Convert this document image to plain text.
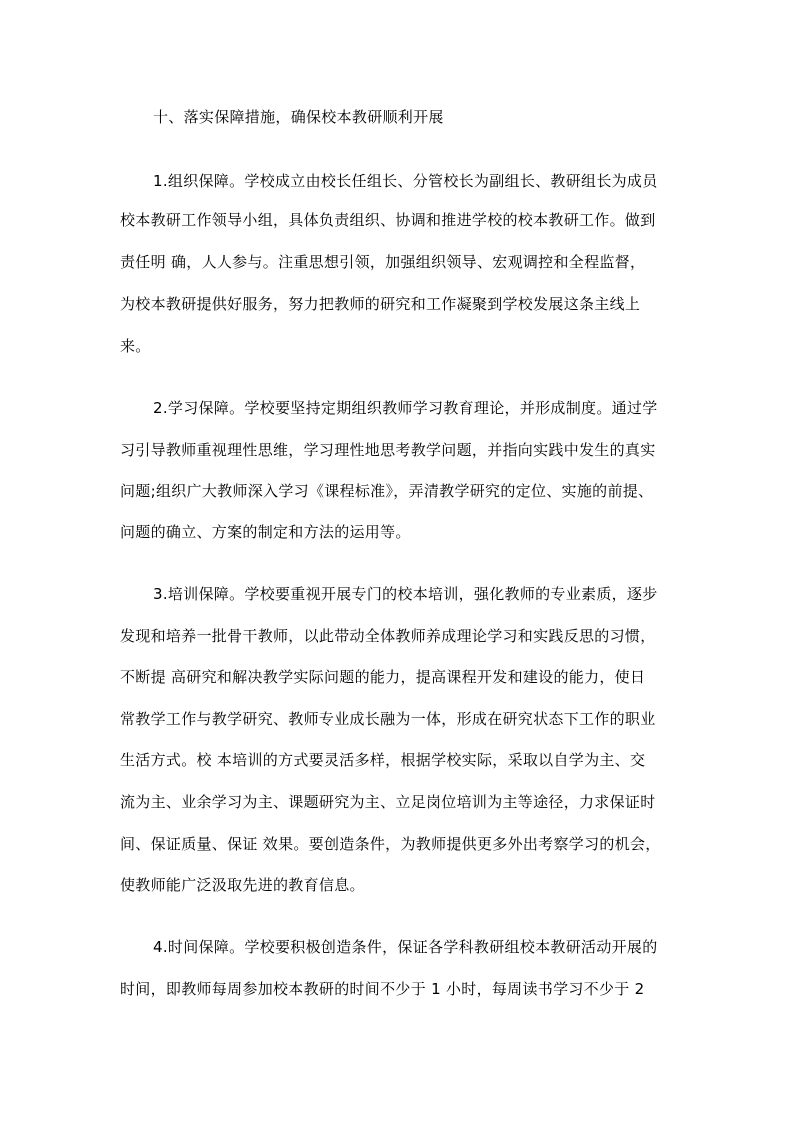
十、落实保障措施，确保校本教研顺利开展
1.组织保障。学校成立由校长任组长、分管校长为副组长、教研组长为成员
校本教研工作领导小组，具体负责组织、协调和推进学校的校本教研工作。做到
责任明 确，人人参与。注重思想引领，加强组织领导、宏观调控和全程监督，
为校本教研提供好服务，努力把教师的研究和工作凝聚到学校发展这条主线上
来。
2.学习保障。学校要坚持定期组织教师学习教育理论，并形成制度。通过学
习引导教师重视理性思维，学习理性地思考教学问题，并指向实践中发生的真实
问题;组织广大教师深入学习《课程标准》，弄清教学研究的定位、实施的前提、
问题的确立、方案的制定和方法的运用等。
3.培训保障。学校要重视开展专门的校本培训，强化教师的专业素质，逐步
发现和培养一批骨干教师，以此带动全体教师养成理论学习和实践反思的习惯，
不断提 高研究和解决教学实际问题的能力，提高课程开发和建设的能力，使日
常教学工作与教学研究、教师专业成长融为一体，形成在研究状态下工作的职业
生活方式。校 本培训的方式要灵活多样，根据学校实际，采取以自学为主、交
流为主、业余学习为主、课题研究为主、立足岗位培训为主等途径，力求保证时
间、保证质量、保证 效果。要创造条件，为教师提供更多外出考察学习的机会，
使教师能广泛汲取先进的教育信息。
4.时间保障。学校要积极创造条件，保证各学科教研组校本教研活动开展的
时间，即教师每周参加校本教研的时间不少于 1 小时，每周读书学习不少于 2
